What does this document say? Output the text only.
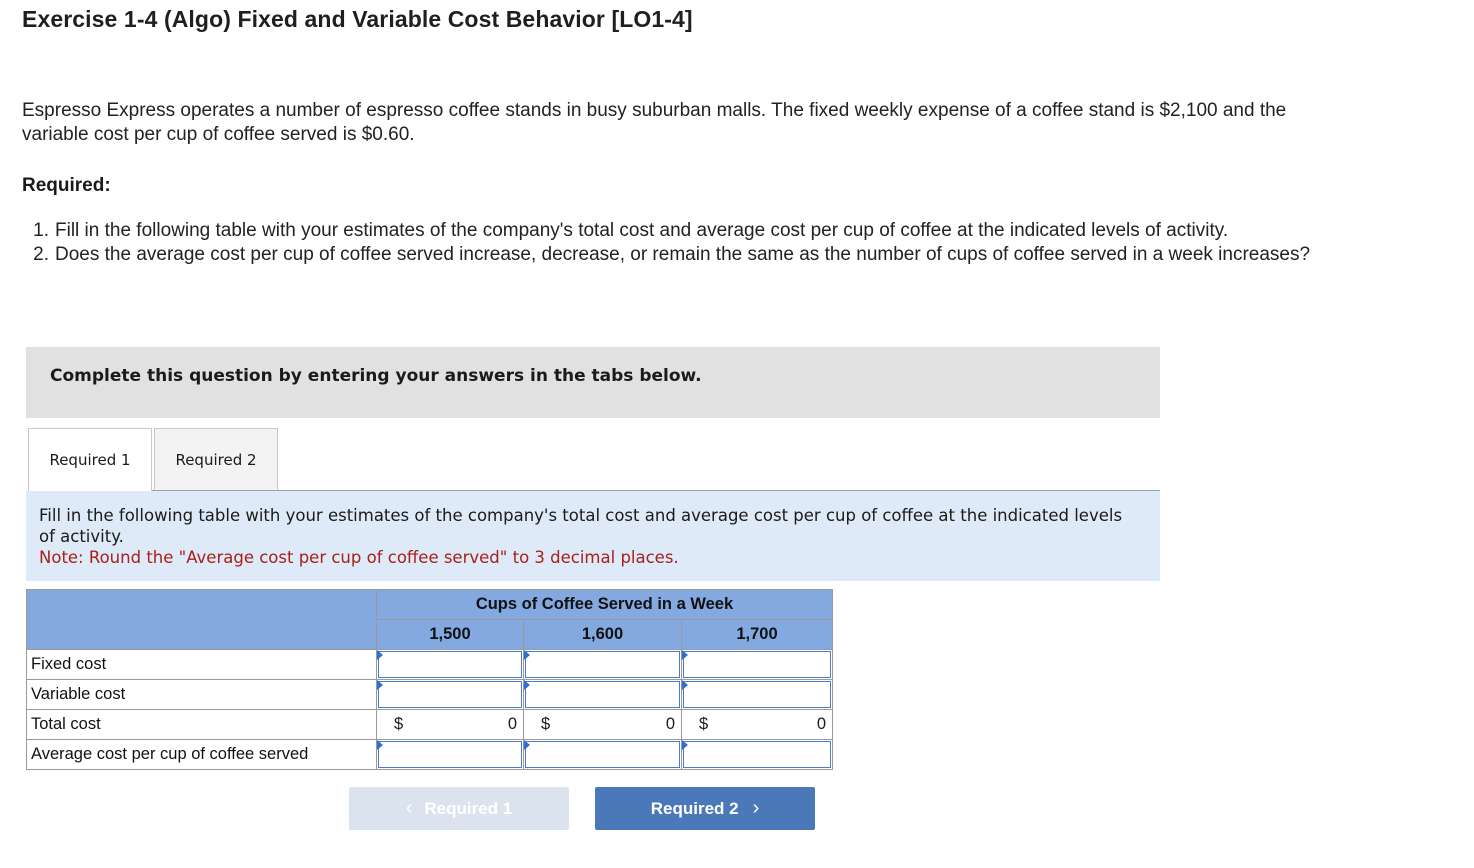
Exercise 1-4 (Algo) Fixed and Variable Cost Behavior [LO1-4]
Espresso Express operates a number of espresso coffee stands in busy suburban malls. The fixed weekly expense of a coffee stand is $2,100 and the variable cost per cup of coffee served is $0.60.
Required:
1. Fill in the following table with your estimates of the company's total cost and average cost per cup of coffee at the indicated levels of activity.
2. Does the average cost per cup of coffee served increase, decrease, or remain the same as the number of cups of coffee served in a week increases?
Complete this question by entering your answers in the tabs below.
Required 1	Required 2
Fill in the following table with your estimates of the company's total cost and average cost per cup of coffee at the indicated levels of activity.
Note: Round the "Average cost per cup of coffee served" to 3 decimal places.
	Cups of Coffee Served in a Week		
	1,500	1,600	1,700
Fixed cost	

Variable cost	

Total cost	$ 0	$ 0	$ 0

Average cost per cup of coffee served	

‹ Required 1	Required 2 ›
